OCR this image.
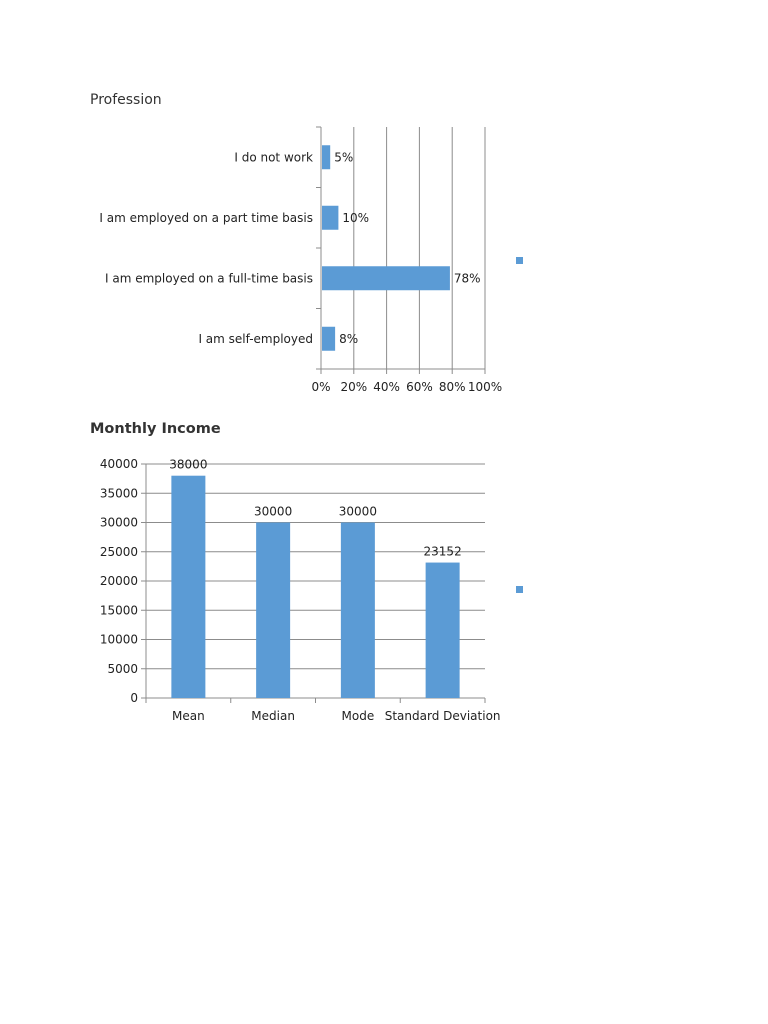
Profession
0% 20% 40% 60% 80% 100%
I do not work 5%
I am employed on a part time basis 10%
I am employed on a full-time basis	78%
I am self-employed 8%
Monthly Income
0
5000
10000
15000
20000
25000
30000
35000
40000	38000
Mean
30000
Median
30000
Mode
23152
Standard Deviation
